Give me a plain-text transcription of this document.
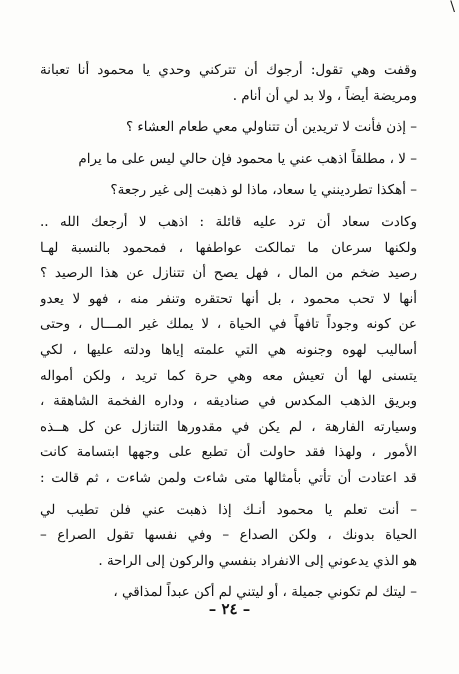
\
وقفت وهي تقول: أرجوك أن تتركني وحدي يا محمود أنا تعبانة
ومريضة أيضاً ، ولا بد لي أن أنام .
– إذن فأنت لا تريدين أن تتناولي معي طعام العشاء ؟
– لا ، مطلقاً اذهب عني يا محمود فإن حالي ليس على ما يرام
– أهكذا تطردينني يا سعاد، ماذا لو ذهبت إلى غير رجعة؟
وكادت سعاد أن ترد عليه قائلة : اذهب لا أرجعك الله ..
ولكنها سرعان ما تمالكت عواطفها ، فمحمود بالنسبة لهـا
رصيد ضخم من المال ، فهل يصح أن تتنازل عن هذا الرصيد ؟
أنها لا تحب محمود ، بل أنها تحتقره وتنفر منه ، فهو لا يعدو
عن كونه وجوداً تافهاً في الحياة ، لا يملك غير المـــال ، وحتى
أساليب لهوه وجنونه هي التي علمته إياها ودلته عليها ، لكي
يتسنى لها أن تعيش معه وهي حرة كما تريد ، ولكن أمواله
وبريق الذهب المكدس في صناديقه ، وداره الفخمة الشاهقة ،
وسيارته الفارهة ، لم يكن في مقدورها التنازل عن كل هــذه
الأمور ، ولهذا فقد حاولت أن تطبع على وجهها ابتسامة كانت
قد اعتادت أن تأتي بأمثالها متى شاءت ولمن شاءت ، ثم قالت :
– أنت تعلم يا محمود أنـك إذا ذهبت عني فلن تطيب لي
الحياة بدونك ، ولكن الصداع – وفي نفسها تقول الصراع –
هو الذي يدعوني إلى الانفراد بنفسي والركون إلى الراحة .
– ليتك لم تكوني جميلة ، أو ليتني لم أكن عبداً لمذاقي ،
– ٢٤ –
